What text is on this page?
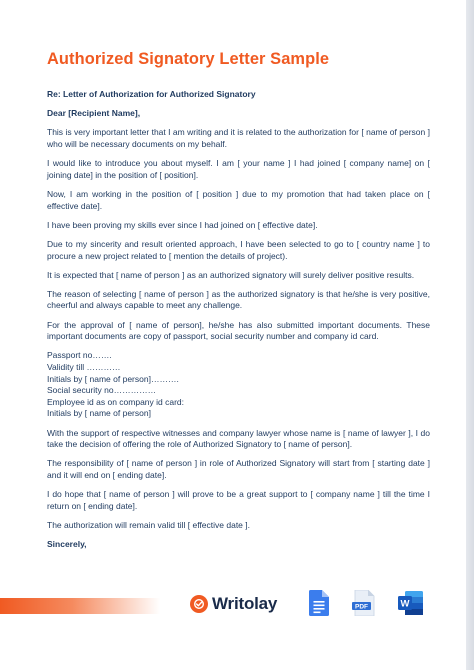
Authorized Signatory Letter Sample

Re: Letter of Authorization for Authorized Signatory

Dear [Recipient Name],

This is very important letter that I am writing and it is related to the authorization for [ name of person ] who will be necessary documents on my behalf.

I would like to introduce you about myself. I am [ your name ] I had joined [ company name] on [ joining date] in the position of [ position].

Now, I am working in the position of [ position ] due to my promotion that had taken place on [ effective date].

I have been proving my skills ever since I had joined on [ effective date].

Due to my sincerity and result oriented approach, I have been selected to go to [ country name ] to procure a new project related to [ mention the details of project).

It is expected that [ name of person ] as an authorized signatory will surely deliver positive results.

The reason of selecting [ name of person ] as the authorized signatory is that he/she is very positive, cheerful and always capable to meet any challenge.

For the approval of [ name of person], he/she has also submitted important documents. These important documents are copy of passport, social security number and company id card.

Passport no…….

Validity till …………

Initials by [ name of person]……….

Social security no……………

Employee id as on company id card:

Initials by [ name of person]

With the support of respective witnesses and company lawyer whose name is [ name of lawyer ], I do take the decision of offering the role of Authorized Signatory to [ name of person].

The responsibility of [ name of person ] in role of Authorized Signatory will start from [ starting date ] and it will end on [ ending date].

I do hope that [ name of person ] will prove to be a great support to [ company name ] till the time I return on [ ending date].

The authorization will remain valid till [ effective date ].

Sincerely,

Writolay	PDF	W
